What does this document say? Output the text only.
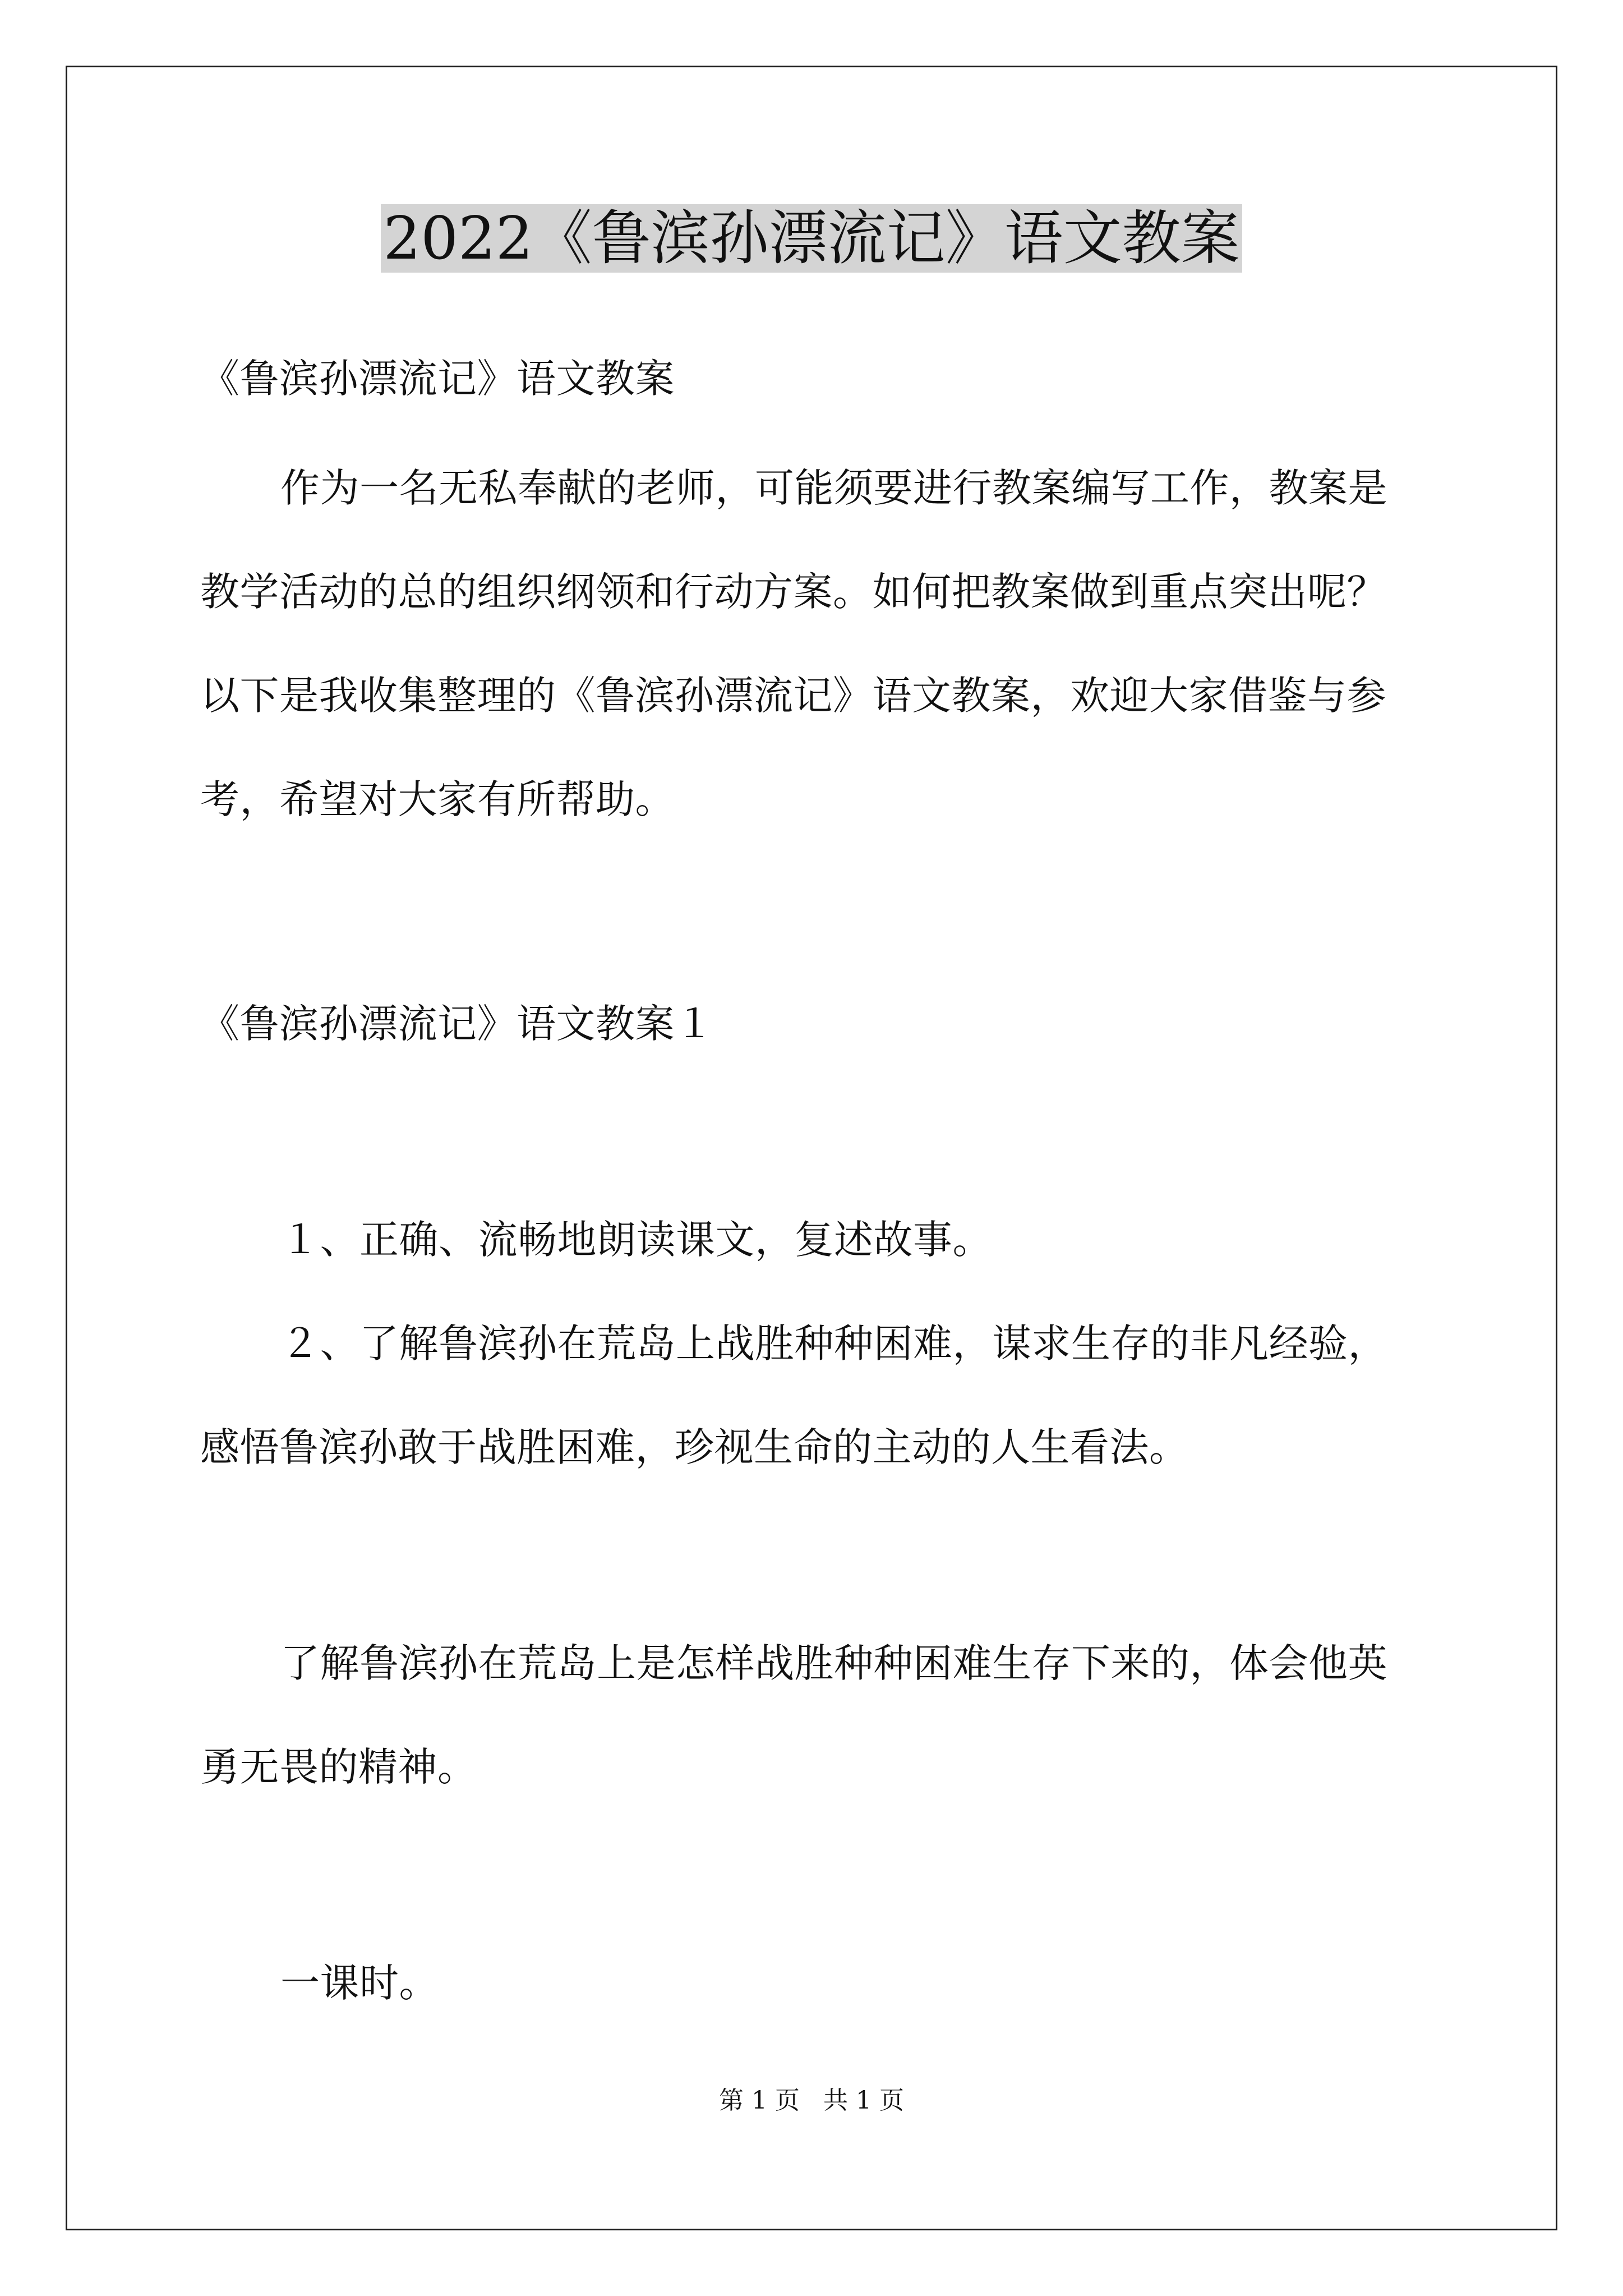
2022《鲁滨孙漂流记》语文教案
《鲁滨孙漂流记》语文教案
作为一名无私奉献的老师，可能须要进行教案编写工作，教案是
教学活动的总的组织纲领和行动方案。如何把教案做到重点突出呢？
以下是我收集整理的《鲁滨孙漂流记》语文教案，欢迎大家借鉴与参
考，希望对大家有所帮助。
《鲁滨孙漂流记》语文教案１
１、正确、流畅地朗读课文，复述故事。
２、了解鲁滨孙在荒岛上战胜种种困难，谋求生存的非凡经验，
感悟鲁滨孙敢于战胜困难，珍视生命的主动的人生看法。
了解鲁滨孙在荒岛上是怎样战胜种种困难生存下来的，体会他英
勇无畏的精神。
一课时。
第 1 页   共 1 页
